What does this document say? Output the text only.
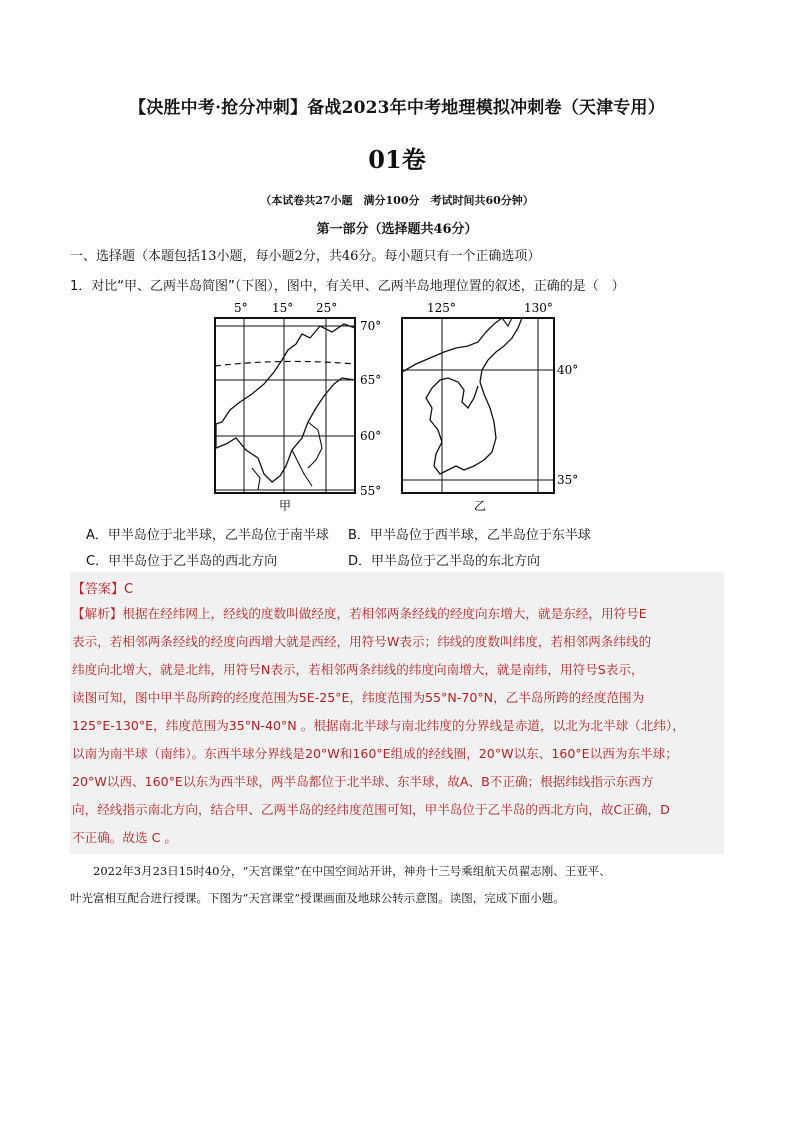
【决胜中考·抢分冲刺】备战2023年中考地理模拟冲刺卷（天津专用）
01卷
（本试卷共27小题　满分100分　考试时间共60分钟）
第一部分（选择题共46分）
一、选择题（本题包括13小题，每小题2分，共46分。每小题只有一个正确选项）
1．对比“甲、乙两半岛简图”（下图），图中，有关甲、乙两半岛地理位置的叙述，正确的是（　）
5° 15° 25°
70°
65°
60°
55°
甲
125°	130°
40°
35°
乙
A．甲半岛位于北半球，乙半岛位于南半球 B．甲半岛位于西半球，乙半岛位于东半球
C．甲半岛位于乙半岛的西北方向	D．甲半岛位于乙半岛的东北方向
【答案】C
【解析】根据在经纬网上，经线的度数叫做经度，若相邻两条经线的经度向东增大，就是东经，用符号E
表示，若相邻两条经线的经度向西增大就是西经，用符号W表示；纬线的度数叫纬度，若相邻两条纬线的
纬度向北增大，就是北纬，用符号N表示，若相邻两条纬线的纬度向南增大，就是南纬，用符号S表示，
读图可知，图中甲半岛所跨的经度范围为5E-25°E，纬度范围为55°N-70°N，乙半岛所跨的经度范围为
125°E-130°E，纬度范围为35°N-40°N 。根据南北半球与南北纬度的分界线是赤道，以北为北半球（北纬），
以南为南半球（南纬）。东西半球分界线是20°W和160°E组成的经线圈，20°W以东、160°E以西为东半球；
20°W以西、160°E以东为西半球，两半岛都位于北半球、东半球，故A、B不正确；根据纬线指示东西方
向，经线指示南北方向，结合甲、乙两半岛的经纬度范围可知，甲半岛位于乙半岛的西北方向，故C正确，D
不正确。故选 C 。
　　2022年3月23日15时40分，“天宫课堂”在中国空间站开讲，神舟十三号乘组航天员翟志刚、王亚平、
叶光富相互配合进行授课。下图为“天宫课堂”授课画面及地球公转示意图。读图，完成下面小题。
